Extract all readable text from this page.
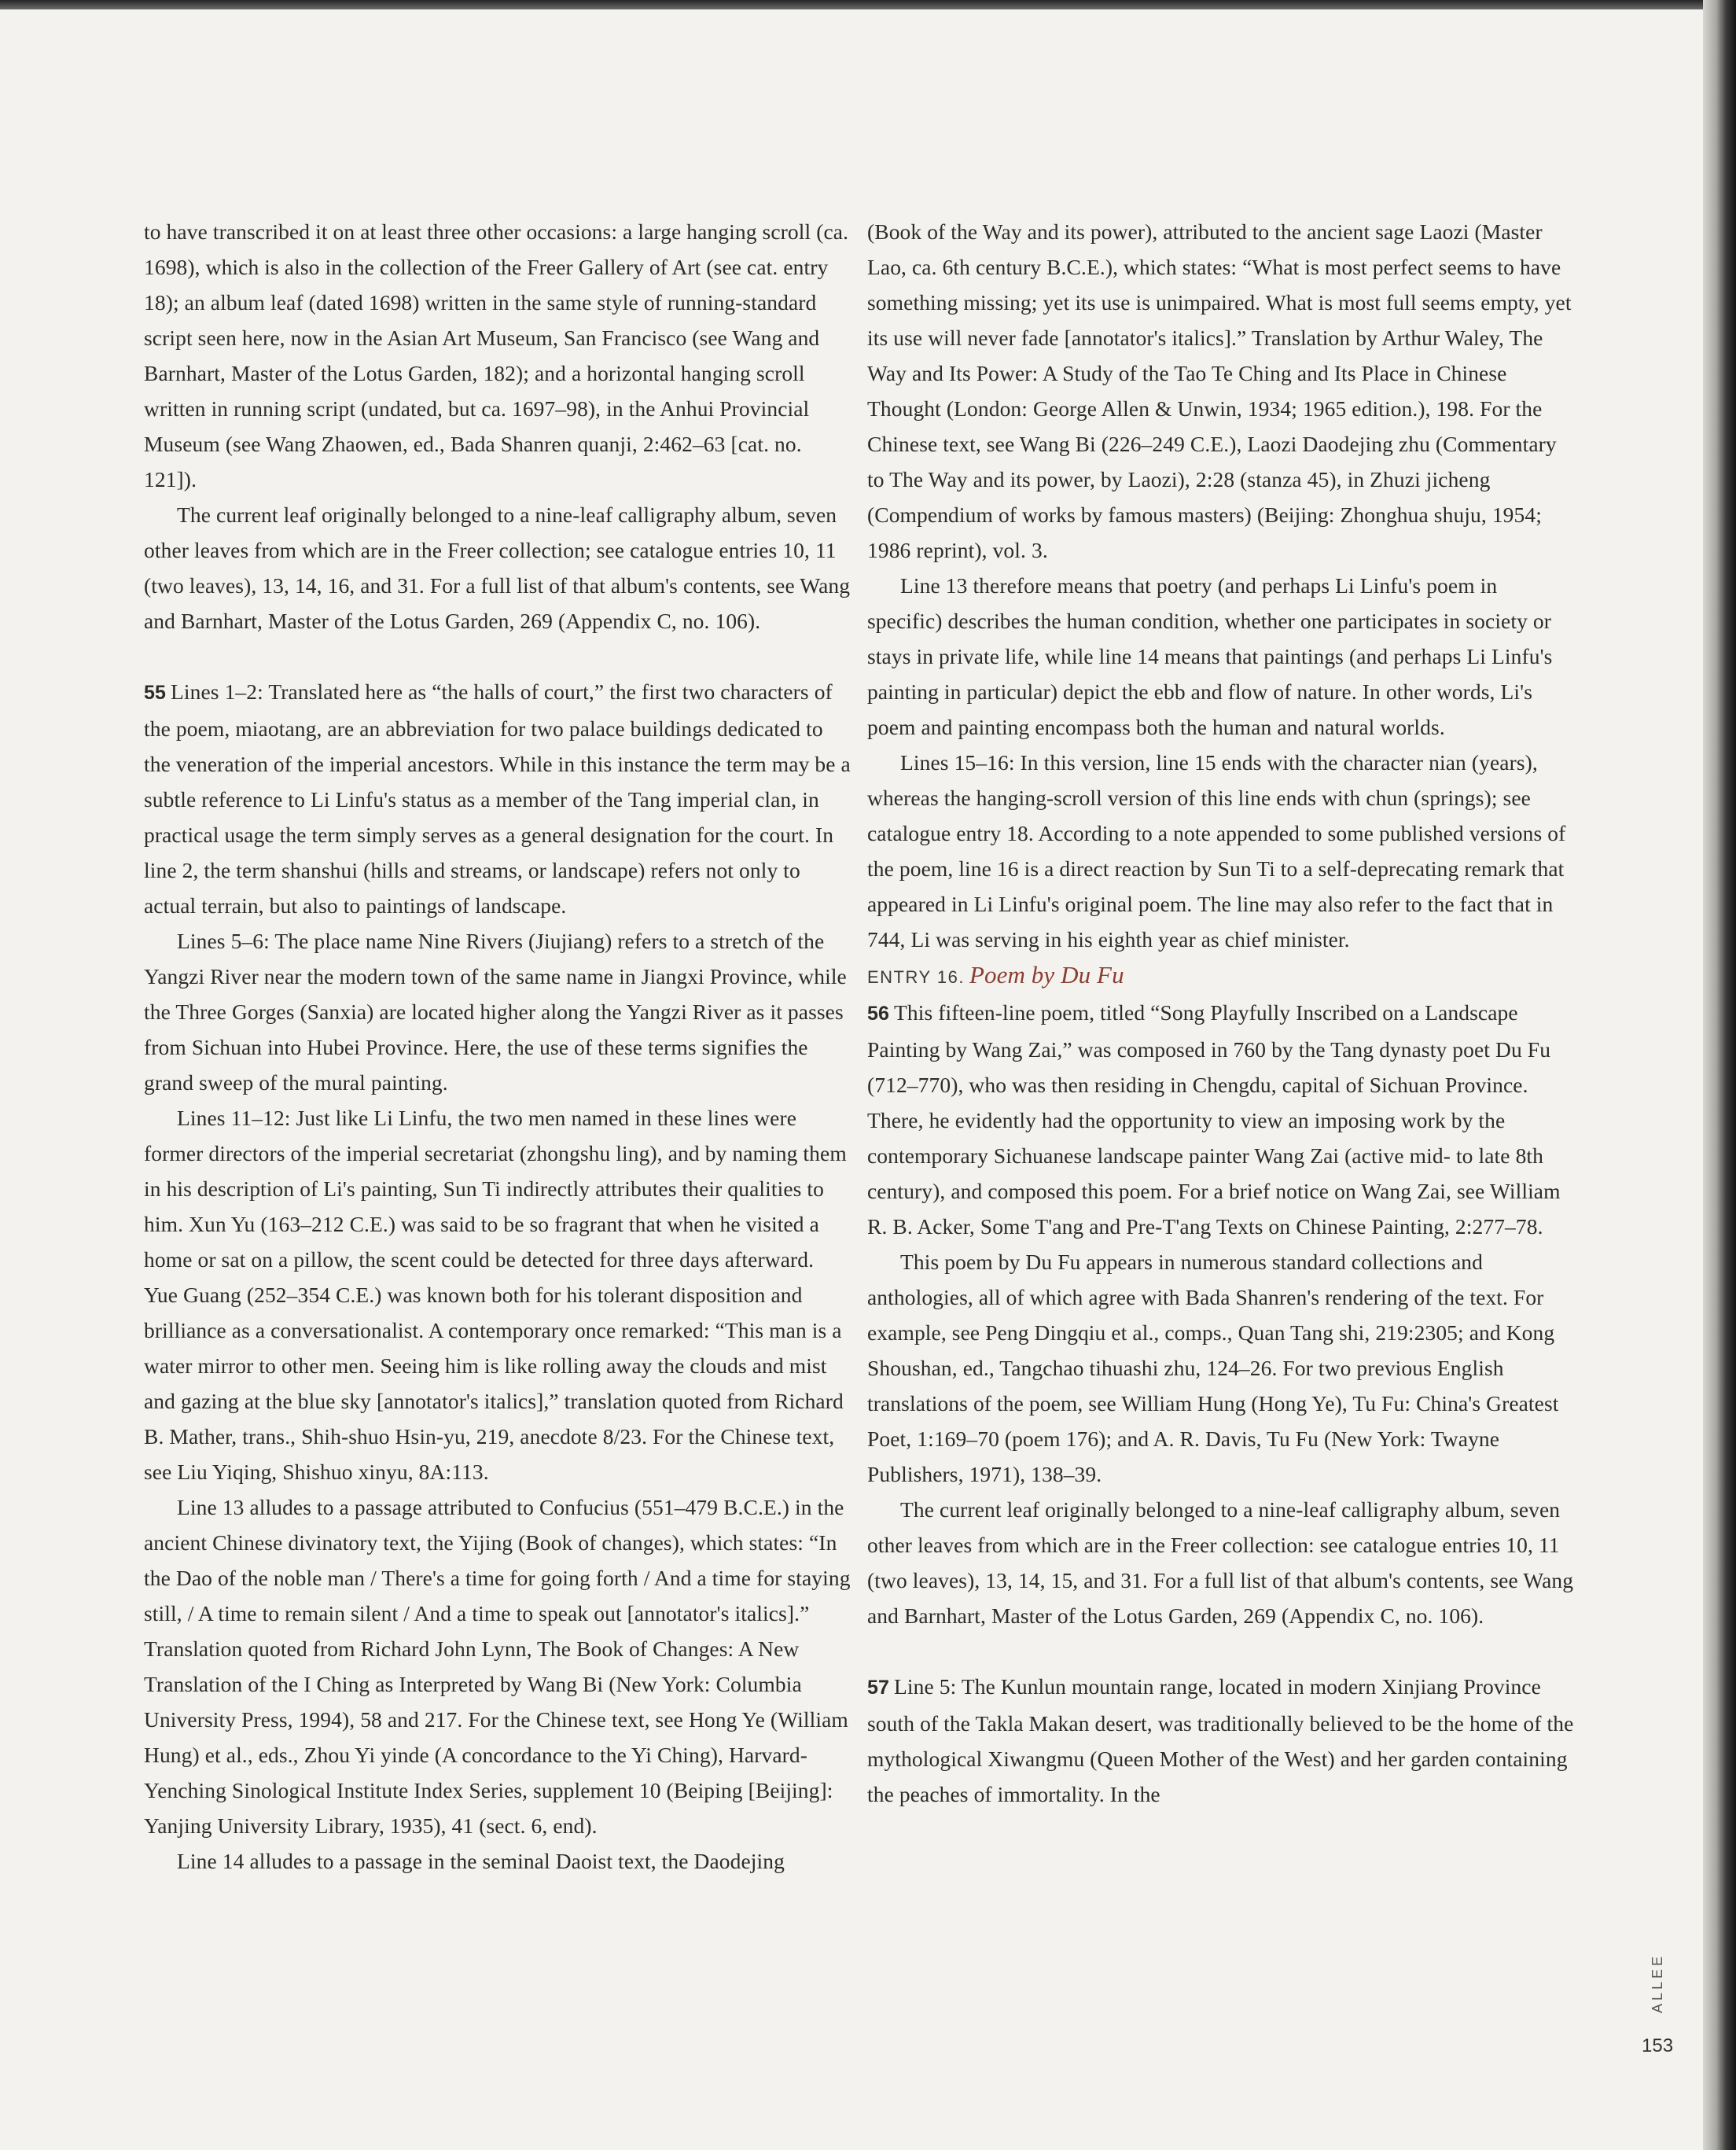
to have transcribed it on at least three other occasions: a large hanging scroll (ca. 1698), which is also in the collection of the Freer Gallery of Art (see cat. entry 18); an album leaf (dated 1698) written in the same style of running-standard script seen here, now in the Asian Art Museum, San Francisco (see Wang and Barnhart, Master of the Lotus Garden, 182); and a horizontal hanging scroll written in running script (undated, but ca. 1697–98), in the Anhui Provincial Museum (see Wang Zhaowen, ed., Bada Shanren quanji, 2:462–63 [cat. no. 121]).

The current leaf originally belonged to a nine-leaf calligraphy album, seven other leaves from which are in the Freer collection; see catalogue entries 10, 11 (two leaves), 13, 14, 16, and 31. For a full list of that album's contents, see Wang and Barnhart, Master of the Lotus Garden, 269 (Appendix C, no. 106).

55 Lines 1–2: Translated here as “the halls of court,” the first two characters of the poem, miaotang, are an abbreviation for two palace buildings dedicated to the veneration of the imperial ancestors. While in this instance the term may be a subtle reference to Li Linfu's status as a member of the Tang imperial clan, in practical usage the term simply serves as a general designation for the court. In line 2, the term shanshui (hills and streams, or landscape) refers not only to actual terrain, but also to paintings of landscape.

Lines 5–6: The place name Nine Rivers (Jiujiang) refers to a stretch of the Yangzi River near the modern town of the same name in Jiangxi Province, while the Three Gorges (Sanxia) are located higher along the Yangzi River as it passes from Sichuan into Hubei Province. Here, the use of these terms signifies the grand sweep of the mural painting.

Lines 11–12: Just like Li Linfu, the two men named in these lines were former directors of the imperial secretariat (zhongshu ling), and by naming them in his description of Li's painting, Sun Ti indirectly attributes their qualities to him. Xun Yu (163–212 C.E.) was said to be so fragrant that when he visited a home or sat on a pillow, the scent could be detected for three days afterward. Yue Guang (252–354 C.E.) was known both for his tolerant disposition and brilliance as a conversationalist. A contemporary once remarked: “This man is a water mirror to other men. Seeing him is like rolling away the clouds and mist and gazing at the blue sky [annotator's italics],” translation quoted from Richard B. Mather, trans., Shih-shuo Hsin-yu, 219, anecdote 8/23. For the Chinese text, see Liu Yiqing, Shishuo xinyu, 8A:113.

Line 13 alludes to a passage attributed to Confucius (551–479 B.C.E.) in the ancient Chinese divinatory text, the Yijing (Book of changes), which states: “In the Dao of the noble man / There's a time for going forth / And a time for staying still, / A time to remain silent / And a time to speak out [annotator's italics].” Translation quoted from Richard John Lynn, The Book of Changes: A New Translation of the I Ching as Interpreted by Wang Bi (New York: Columbia University Press, 1994), 58 and 217. For the Chinese text, see Hong Ye (William Hung) et al., eds., Zhou Yi yinde (A concordance to the Yi Ching), Harvard-Yenching Sinological Institute Index Series, supplement 10 (Beiping [Beijing]: Yanjing University Library, 1935), 41 (sect. 6, end).

Line 14 alludes to a passage in the seminal Daoist text, the Daodejing

(Book of the Way and its power), attributed to the ancient sage Laozi (Master Lao, ca. 6th century B.C.E.), which states: “What is most perfect seems to have something missing; yet its use is unimpaired. What is most full seems empty, yet its use will never fade [annotator's italics].” Translation by Arthur Waley, The Way and Its Power: A Study of the Tao Te Ching and Its Place in Chinese Thought (London: George Allen & Unwin, 1934; 1965 edition.), 198. For the Chinese text, see Wang Bi (226–249 C.E.), Laozi Daodejing zhu (Commentary to The Way and its power, by Laozi), 2:28 (stanza 45), in Zhuzi jicheng (Compendium of works by famous masters) (Beijing: Zhonghua shuju, 1954; 1986 reprint), vol. 3.

Line 13 therefore means that poetry (and perhaps Li Linfu's poem in specific) describes the human condition, whether one participates in society or stays in private life, while line 14 means that paintings (and perhaps Li Linfu's painting in particular) depict the ebb and flow of nature. In other words, Li's poem and painting encompass both the human and natural worlds.

Lines 15–16: In this version, line 15 ends with the character nian (years), whereas the hanging-scroll version of this line ends with chun (springs); see catalogue entry 18. According to a note appended to some published versions of the poem, line 16 is a direct reaction by Sun Ti to a self-deprecating remark that appeared in Li Linfu's original poem. The line may also refer to the fact that in 744, Li was serving in his eighth year as chief minister.

ENTRY 16. Poem by Du Fu

56 This fifteen-line poem, titled “Song Playfully Inscribed on a Landscape Painting by Wang Zai,” was composed in 760 by the Tang dynasty poet Du Fu (712–770), who was then residing in Chengdu, capital of Sichuan Province. There, he evidently had the opportunity to view an imposing work by the contemporary Sichuanese landscape painter Wang Zai (active mid- to late 8th century), and composed this poem. For a brief notice on Wang Zai, see William R. B. Acker, Some T'ang and Pre-T'ang Texts on Chinese Painting, 2:277–78.

This poem by Du Fu appears in numerous standard collections and anthologies, all of which agree with Bada Shanren's rendering of the text. For example, see Peng Dingqiu et al., comps., Quan Tang shi, 219:2305; and Kong Shoushan, ed., Tangchao tihuashi zhu, 124–26. For two previous English translations of the poem, see William Hung (Hong Ye), Tu Fu: China's Greatest Poet, 1:169–70 (poem 176); and A. R. Davis, Tu Fu (New York: Twayne Publishers, 1971), 138–39.

The current leaf originally belonged to a nine-leaf calligraphy album, seven other leaves from which are in the Freer collection: see catalogue entries 10, 11 (two leaves), 13, 14, 15, and 31. For a full list of that album's contents, see Wang and Barnhart, Master of the Lotus Garden, 269 (Appendix C, no. 106).

57 Line 5: The Kunlun mountain range, located in modern Xinjiang Province south of the Takla Makan desert, was traditionally believed to be the home of the mythological Xiwangmu (Queen Mother of the West) and her garden containing the peaches of immortality. In the

ALLEE
153
